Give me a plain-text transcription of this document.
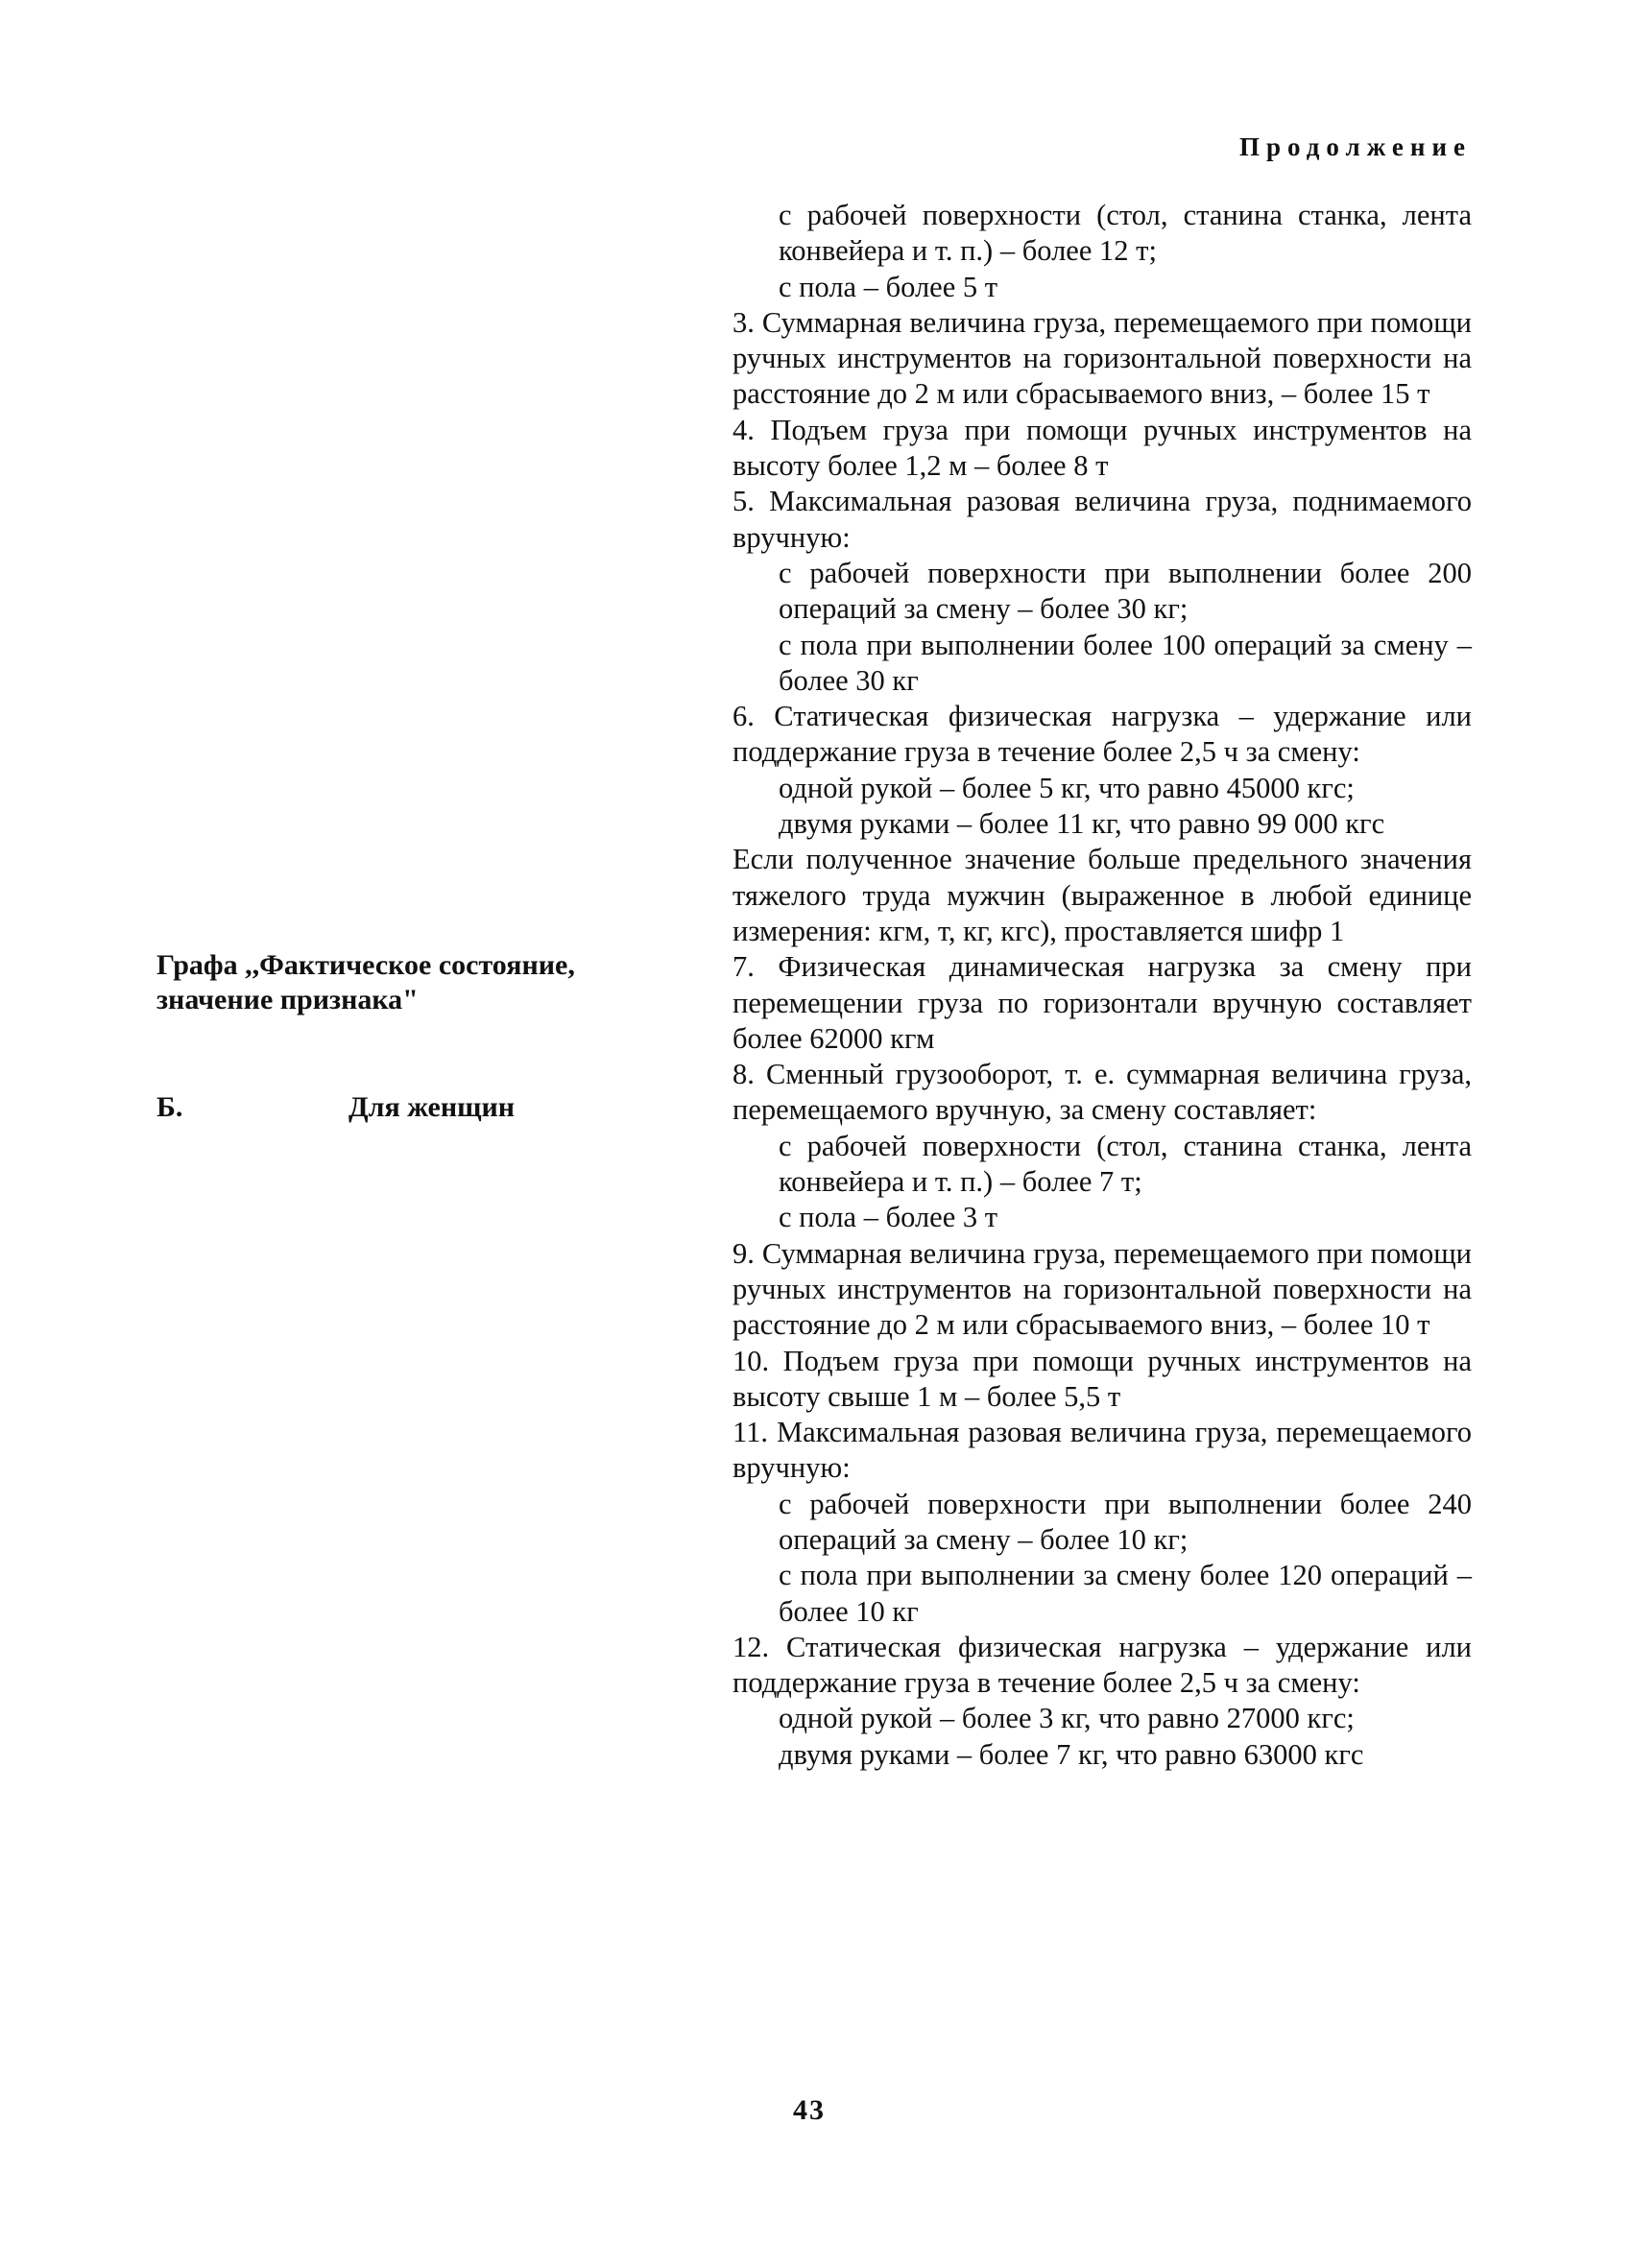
Продолжение

Графа ,,Фактическое состояние, значение признака"

Б.	Для женщин

с рабочей поверхности (стол, станина станка, лента конвейера и т. п.) – более 12 т;

с пола – более 5 т

3. Суммарная величина груза, перемещаемого при помощи ручных инструментов на горизонтальной поверхности на расстояние до 2 м или сбрасываемого вниз, – более 15 т

4. Подъем груза при помощи ручных инструментов на высоту более 1,2 м – более 8 т

5. Максимальная разовая величина груза, поднимаемого вручную:

с рабочей поверхности при выполнении более 200 операций за смену – более 30 кг;

с пола при выполнении более 100 операций за смену – более 30 кг

6. Статическая физическая нагрузка – удержание или поддержание груза в течение более 2,5 ч за смену:

одной рукой – более 5 кг, что равно 45000 кгс;

двумя руками – более 11 кг, что равно 99 000 кгс

Если полученное значение больше предельного значения тяжелого труда мужчин (выраженное в любой единице измерения: кгм, т, кг, кгс), проставляется шифр 1

7. Физическая динамическая нагрузка за смену при перемещении груза по горизонтали вручную составляет более 62000 кгм

8. Сменный грузооборот, т. е. суммарная величина груза, перемещаемого вручную, за смену составляет:

с рабочей поверхности (стол, станина станка, лента конвейера и т. п.) – более 7 т;

с пола – более 3 т

9. Суммарная величина груза, перемещаемого при помощи ручных инструментов на горизонтальной поверхности на расстояние до 2 м или сбрасываемого вниз, – более 10 т

10. Подъем груза при помощи ручных инструментов на высоту свыше 1 м – более 5,5 т

11. Максимальная разовая величина груза, перемещаемого вручную:

с рабочей поверхности при выполнении более 240 операций за смену – более 10 кг;

с пола при выполнении за смену более 120 операций – более 10 кг

12. Статическая физическая нагрузка – удержание или поддержание груза в течение более 2,5 ч за смену:

одной рукой – более 3 кг, что равно 27000 кгс;

двумя руками – более 7 кг, что равно 63000 кгс

43
